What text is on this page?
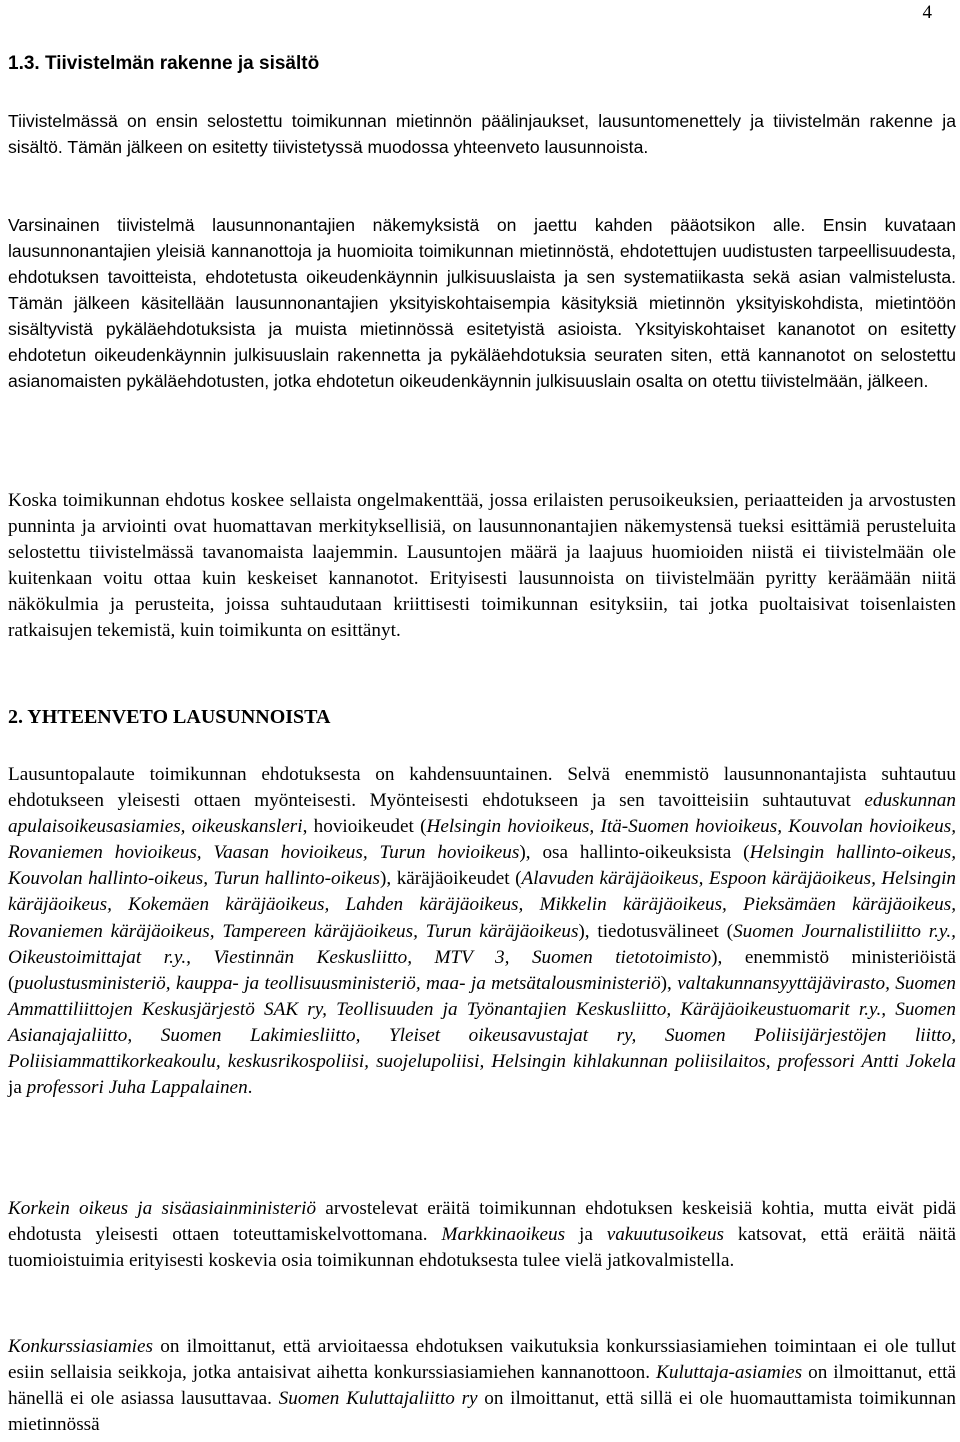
4
1.3. Tiivistelmän rakenne ja sisältö

Tiivistelmässä on ensin selostettu toimikunnan mietinnön päälinjaukset, lausuntomenettely ja tiivistelmän rakenne ja sisältö. Tämän jälkeen on esitetty tiivistetyssä muodossa yhteenveto lausunnoista.

Varsinainen tiivistelmä lausunnonantajien näkemyksistä on jaettu kahden pääotsikon alle. Ensin kuvataan lausunnonantajien yleisiä kannanottoja ja huomioita toimikunnan mietinnöstä, ehdotettujen uudistusten tarpeellisuudesta, ehdotuksen tavoitteista, ehdotetusta oikeudenkäynnin julkisuuslaista ja sen systematiikasta sekä asian valmistelusta. Tämän jälkeen käsitellään lausunnonantajien yksityiskohtaisempia käsityksiä mietinnön yksityiskohdista, mietintöön sisältyvistä pykäläehdotuksista ja muista mietinnössä esitetyistä asioista. Yksityiskohtaiset kananotot on esitetty ehdotetun oikeudenkäynnin julkisuuslain rakennetta ja pykäläehdotuksia seuraten siten, että kannanotot on selostettu asianomaisten pykäläehdotusten, jotka ehdotetun oikeudenkäynnin julkisuuslain osalta on otettu tiivistelmään, jälkeen.

Koska toimikunnan ehdotus koskee sellaista ongelmakenttää, jossa erilaisten perusoikeuksien, periaatteiden ja arvostusten punninta ja arviointi ovat huomattavan merkityksellisiä, on lausunnonantajien näkemystensä tueksi esittämiä perusteluita selostettu tiivistelmässä tavanomaista laajemmin. Lausuntojen määrä ja laajuus huomioiden niistä ei tiivistelmään ole kuitenkaan voitu ottaa kuin keskeiset kannanotot. Erityisesti lausunnoista on tiivistelmään pyritty keräämään niitä näkökulmia ja perusteita, joissa suhtaudutaan kriittisesti toimikunnan esityksiin, tai jotka puoltaisivat toisenlaisten ratkaisujen tekemistä, kuin toimikunta on esittänyt.

2. YHTEENVETO LAUSUNNOISTA

Lausuntopalaute toimikunnan ehdotuksesta on kahdensuuntainen. Selvä enemmistö lausunnonantajista suhtautuu ehdotukseen yleisesti ottaen myönteisesti. Myönteisesti ehdotukseen ja sen tavoitteisiin suhtautuvat eduskunnan apulaisoikeusasiamies, oikeuskansleri, hovioikeudet (Helsingin hovioikeus, Itä-Suomen hovioikeus, Kouvolan hovioikeus, Rovaniemen hovioikeus, Vaasan hovioikeus, Turun hovioikeus), osa hallinto-oikeuksista (Helsingin hallinto-oikeus, Kouvolan hallinto-oikeus, Turun hallinto-oikeus), käräjäoikeudet (Alavuden käräjäoikeus, Espoon käräjäoikeus, Helsingin käräjäoikeus, Kokemäen käräjäoikeus, Lahden käräjäoikeus, Mikkelin käräjäoikeus, Pieksämäen käräjäoikeus, Rovaniemen käräjäoikeus, Tampereen käräjäoikeus, Turun käräjäoikeus), tiedotusvälineet (Suomen Journalistiliitto r.y., Oikeustoimittajat r.y., Viestinnän Keskusliitto, MTV 3, Suomen tietotoimisto), enemmistö ministeriöistä (puolustusministeriö, kauppa- ja teollisuusministeriö, maa- ja metsätalousministeriö), valtakunnansyyttäjävirasto, Suomen Ammattiliittojen Keskusjärjestö SAK ry, Teollisuuden ja Työnantajien Keskusliitto, Käräjäoikeustuomarit r.y., Suomen Asianajajaliitto, Suomen Lakimiesliitto, Yleiset oikeusavustajat ry, Suomen Poliisijärjestöjen liitto, Poliisiammattikorkeakoulu, keskusrikospoliisi, suojelupoliisi, Helsingin kihlakunnan poliisilaitos, professori Antti Jokela ja professori Juha Lappalainen.

Korkein oikeus ja sisäasiainministeriö arvostelevat eräitä toimikunnan ehdotuksen keskeisiä kohtia, mutta eivät pidä ehdotusta yleisesti ottaen toteuttamiskelvottomana. Markkinaoikeus ja vakuutusoikeus katsovat, että eräitä näitä tuomioistuimia erityisesti koskevia osia toimikunnan ehdotuksesta tulee vielä jatkovalmistella.

Konkurssiasiamies on ilmoittanut, että arvioitaessa ehdotuksen vaikutuksia konkurssiasiamiehen toimintaan ei ole tullut esiin sellaisia seikkoja, jotka antaisivat aihetta konkurssiasiamiehen kannanottoon. Kuluttaja-asiamies on ilmoittanut, että hänellä ei ole asiassa lausuttavaa. Suomen Kuluttajaliitto ry on ilmoittanut, että sillä ei ole huomauttamista toimikunnan mietinnössä
